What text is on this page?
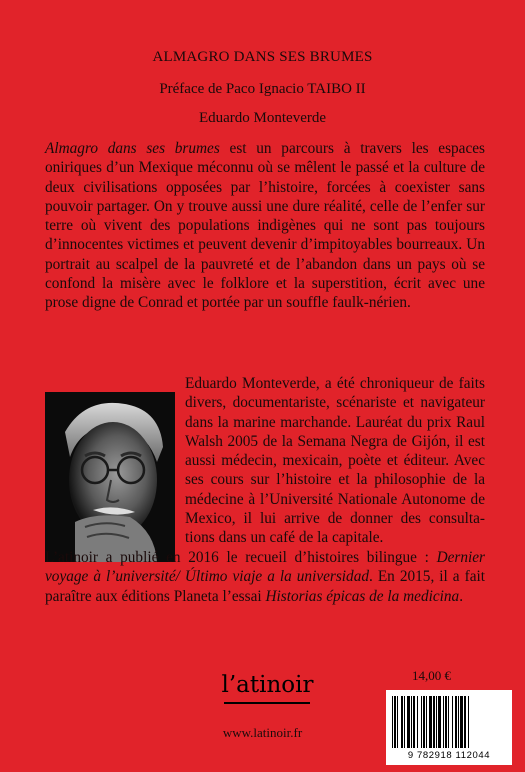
ALMAGRO DANS SES BRUMES
Préface de Paco Ignacio TAIBO II
Eduardo Monteverde
Almagro dans ses brumes est un parcours à travers les espaces oniriques d’un Mexique méconnu où se mêlent le passé et la culture de deux civilisations opposées par l’histoire, forcées à coexister sans pouvoir partager. On y trouve aussi une dure réalité, celle de l’enfer sur terre où vivent des populations indigènes qui ne sont pas toujours d’innocentes victimes et peuvent devenir d’impitoyables bourreaux. Un portrait au scalpel de la pauvreté et de l’abandon dans un pays où se confond la misère avec le folklore et la superstition, écrit avec une prose digne de Conrad et portée par un souffle faulk-nérien.
Eduardo Monteverde, a été chroniqueur de faits divers, documentariste, scénariste et navigateur dans la marine marchande. Lauréat du prix Raul Walsh 2005 de la Semana Negra de Gijón, il est aussi médecin, mexicain, poète et éditeur. Avec ses cours sur l’histoire et la philosophie de la médecine à l’Université Nationale Autonome de Mexico, il lui arrive de donner des consulta-tions dans un café de la capitale.
L’atinoir a publié en 2016 le recueil d’histoires bilingue : Dernier voyage à l’université/ Último viaje a la universidad. En 2015, il a fait paraître aux éditions Planeta l’essai Historias épicas de la medicina.
l’atinoir
www.latinoir.fr
14,00 €
9 782918 112044
